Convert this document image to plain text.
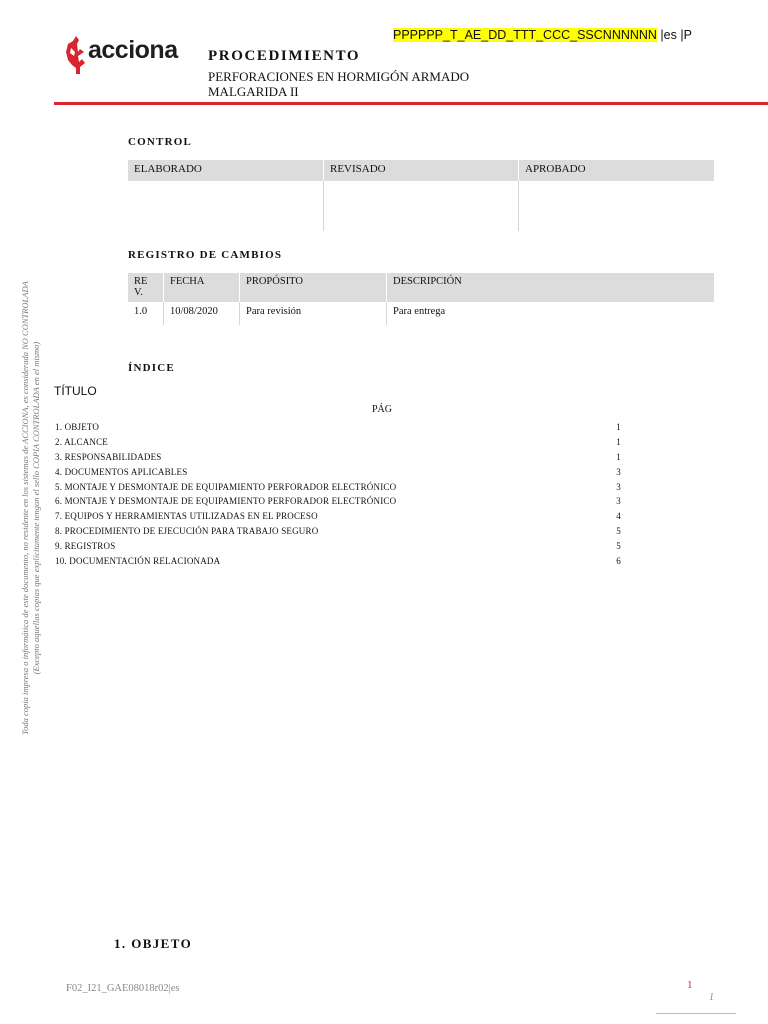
acciona
PPPPPP_T_AE_DD_TTT_CCC_SSCNNNNNN |es |P
PROCEDIMIENTO
PERFORACIONES EN HORMIGÓN ARMADO
MALGARIDA II
CONTROL
ELABORADO	REVISADO	APROBADO

REGISTRO DE CAMBIOS
RE V.	FECHA	PROPÓSITO	DESCRIPCIÓN
1.0	10/08/2020	Para revisión	Para entrega
ÍNDICE
TÍTULO
PÁG
1. OBJETO	1
2. ALCANCE	1
3. RESPONSABILIDADES	1
4. DOCUMENTOS APLICABLES	3
5. MONTAJE Y DESMONTAJE DE EQUIPAMIENTO PERFORADOR ELECTRÓNICO	3
6. MONTAJE Y DESMONTAJE DE EQUIPAMIENTO PERFORADOR ELECTRÓNICO	3
7. EQUIPOS Y HERRAMIENTAS UTILIZADAS EN EL PROCESO	4
8. PROCEDIMIENTO DE EJECUCIÓN PARA TRABAJO SEGURO	5
9. REGISTROS	5
10. DOCUMENTACIÓN RELACIONADA	6
Toda copia impresa o informática de este documento, no residente en los sistemas de ACCIONA, es considerada NO CONTROLADA (Excepto aquellas copias que explícitamente tengan el sello COPIA CONTROLADA en el mismo)
1. OBJETO
F02_I21_GAE08018r02|es	1
1
